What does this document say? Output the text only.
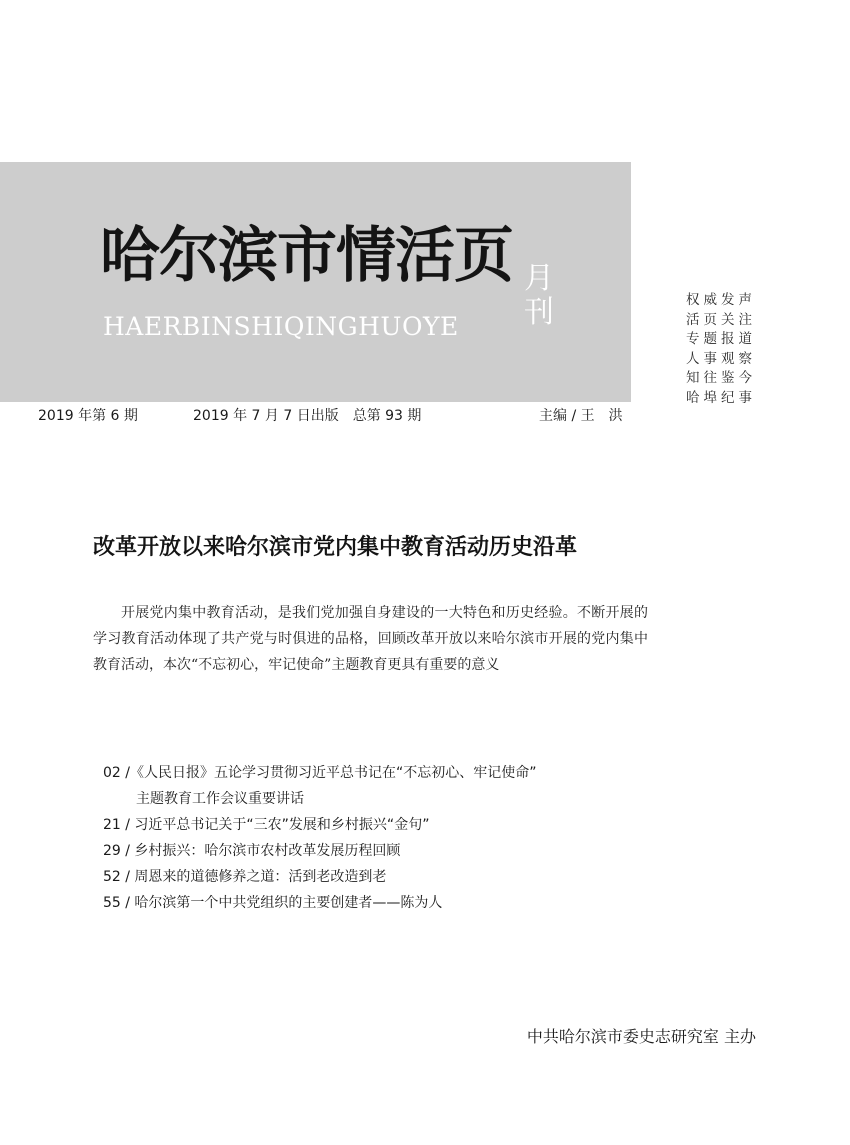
哈尔滨市情活页 月刊
HAERBINSHIQINGHUOYE
权威发声
活页关注
专题报道
人事观察
知往鉴今
哈埠纪事
2019 年第 6 期	2019 年 7 月 7 日出版　总第 93 期	主编 / 王　洪
改革开放以来哈尔滨市党内集中教育活动历史沿革

开展党内集中教育活动，是我们党加强自身建设的一大特色和历史经验。不断开展的学习教育活动体现了共产党与时俱进的品格，回顾改革开放以来哈尔滨市开展的党内集中教育活动，本次“不忘初心，牢记使命”主题教育更具有重要的意义

02 /《人民日报》五论学习贯彻习近平总书记在“不忘初心、牢记使命”
主题教育工作会议重要讲话
21 / 习近平总书记关于“三农”发展和乡村振兴“金句”
29 / 乡村振兴：哈尔滨市农村改革发展历程回顾
52 / 周恩来的道德修养之道：活到老改造到老
55 / 哈尔滨第一个中共党组织的主要创建者——陈为人
中共哈尔滨市委史志研究室 主办
